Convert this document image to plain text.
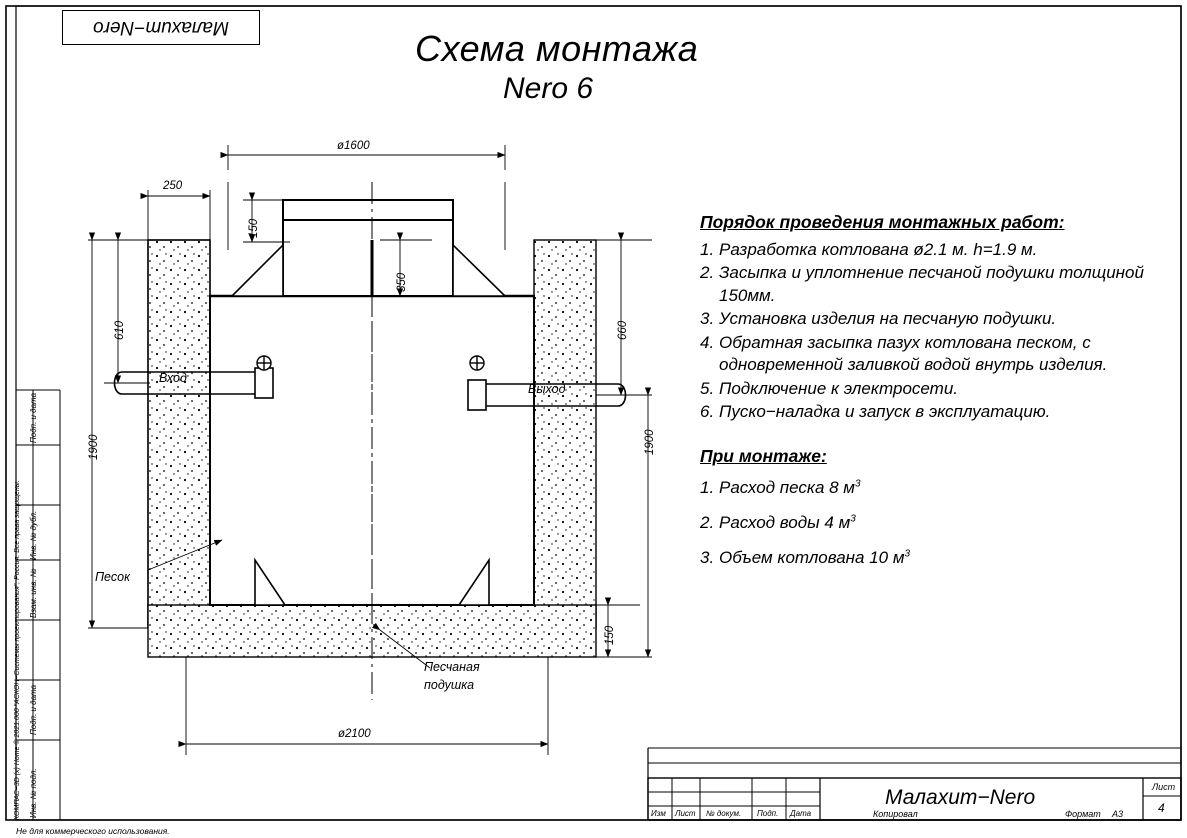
Малахит−Nero	Схема монтажа
Nero 6
ø1600
250
150
350
610
1900
660
1900
150
ø2100
Вход
Выход
Песок
Песчаная
подушка
Порядок проведения монтажных работ:
1. Разработка котлована ø2.1 м. h=1.9 м.
2. Засыпка и уплотнение песчаной подушки толщиной 150мм.
3. Установка изделия на песчаную подушки.
4. Обратная засыпка пазух котлована песком, с одновременной заливкой водой внутрь изделия.
5. Подключение к электросети.
6. Пуско−наладка и запуск в эксплуатацию.
При монтаже:
1. Расход песка 8 $м^3$
2. Расход воды 4 $м^3$
3. Объем котлована 10 $м^3$
Подп. и дата
Инв. № дубл.
Взам. инв. №
Подп. и дата
Инв. № подл.
КОМПАС−3D (x) Home © 2021.000 "AСКОН−Системы проектирования", Россия. Все права защищены.	Изм Лист № докум. Подп. Дата	Копировал	Формат А3
Лист
4
Малахит−Nero
Не для коммерческого использования.
